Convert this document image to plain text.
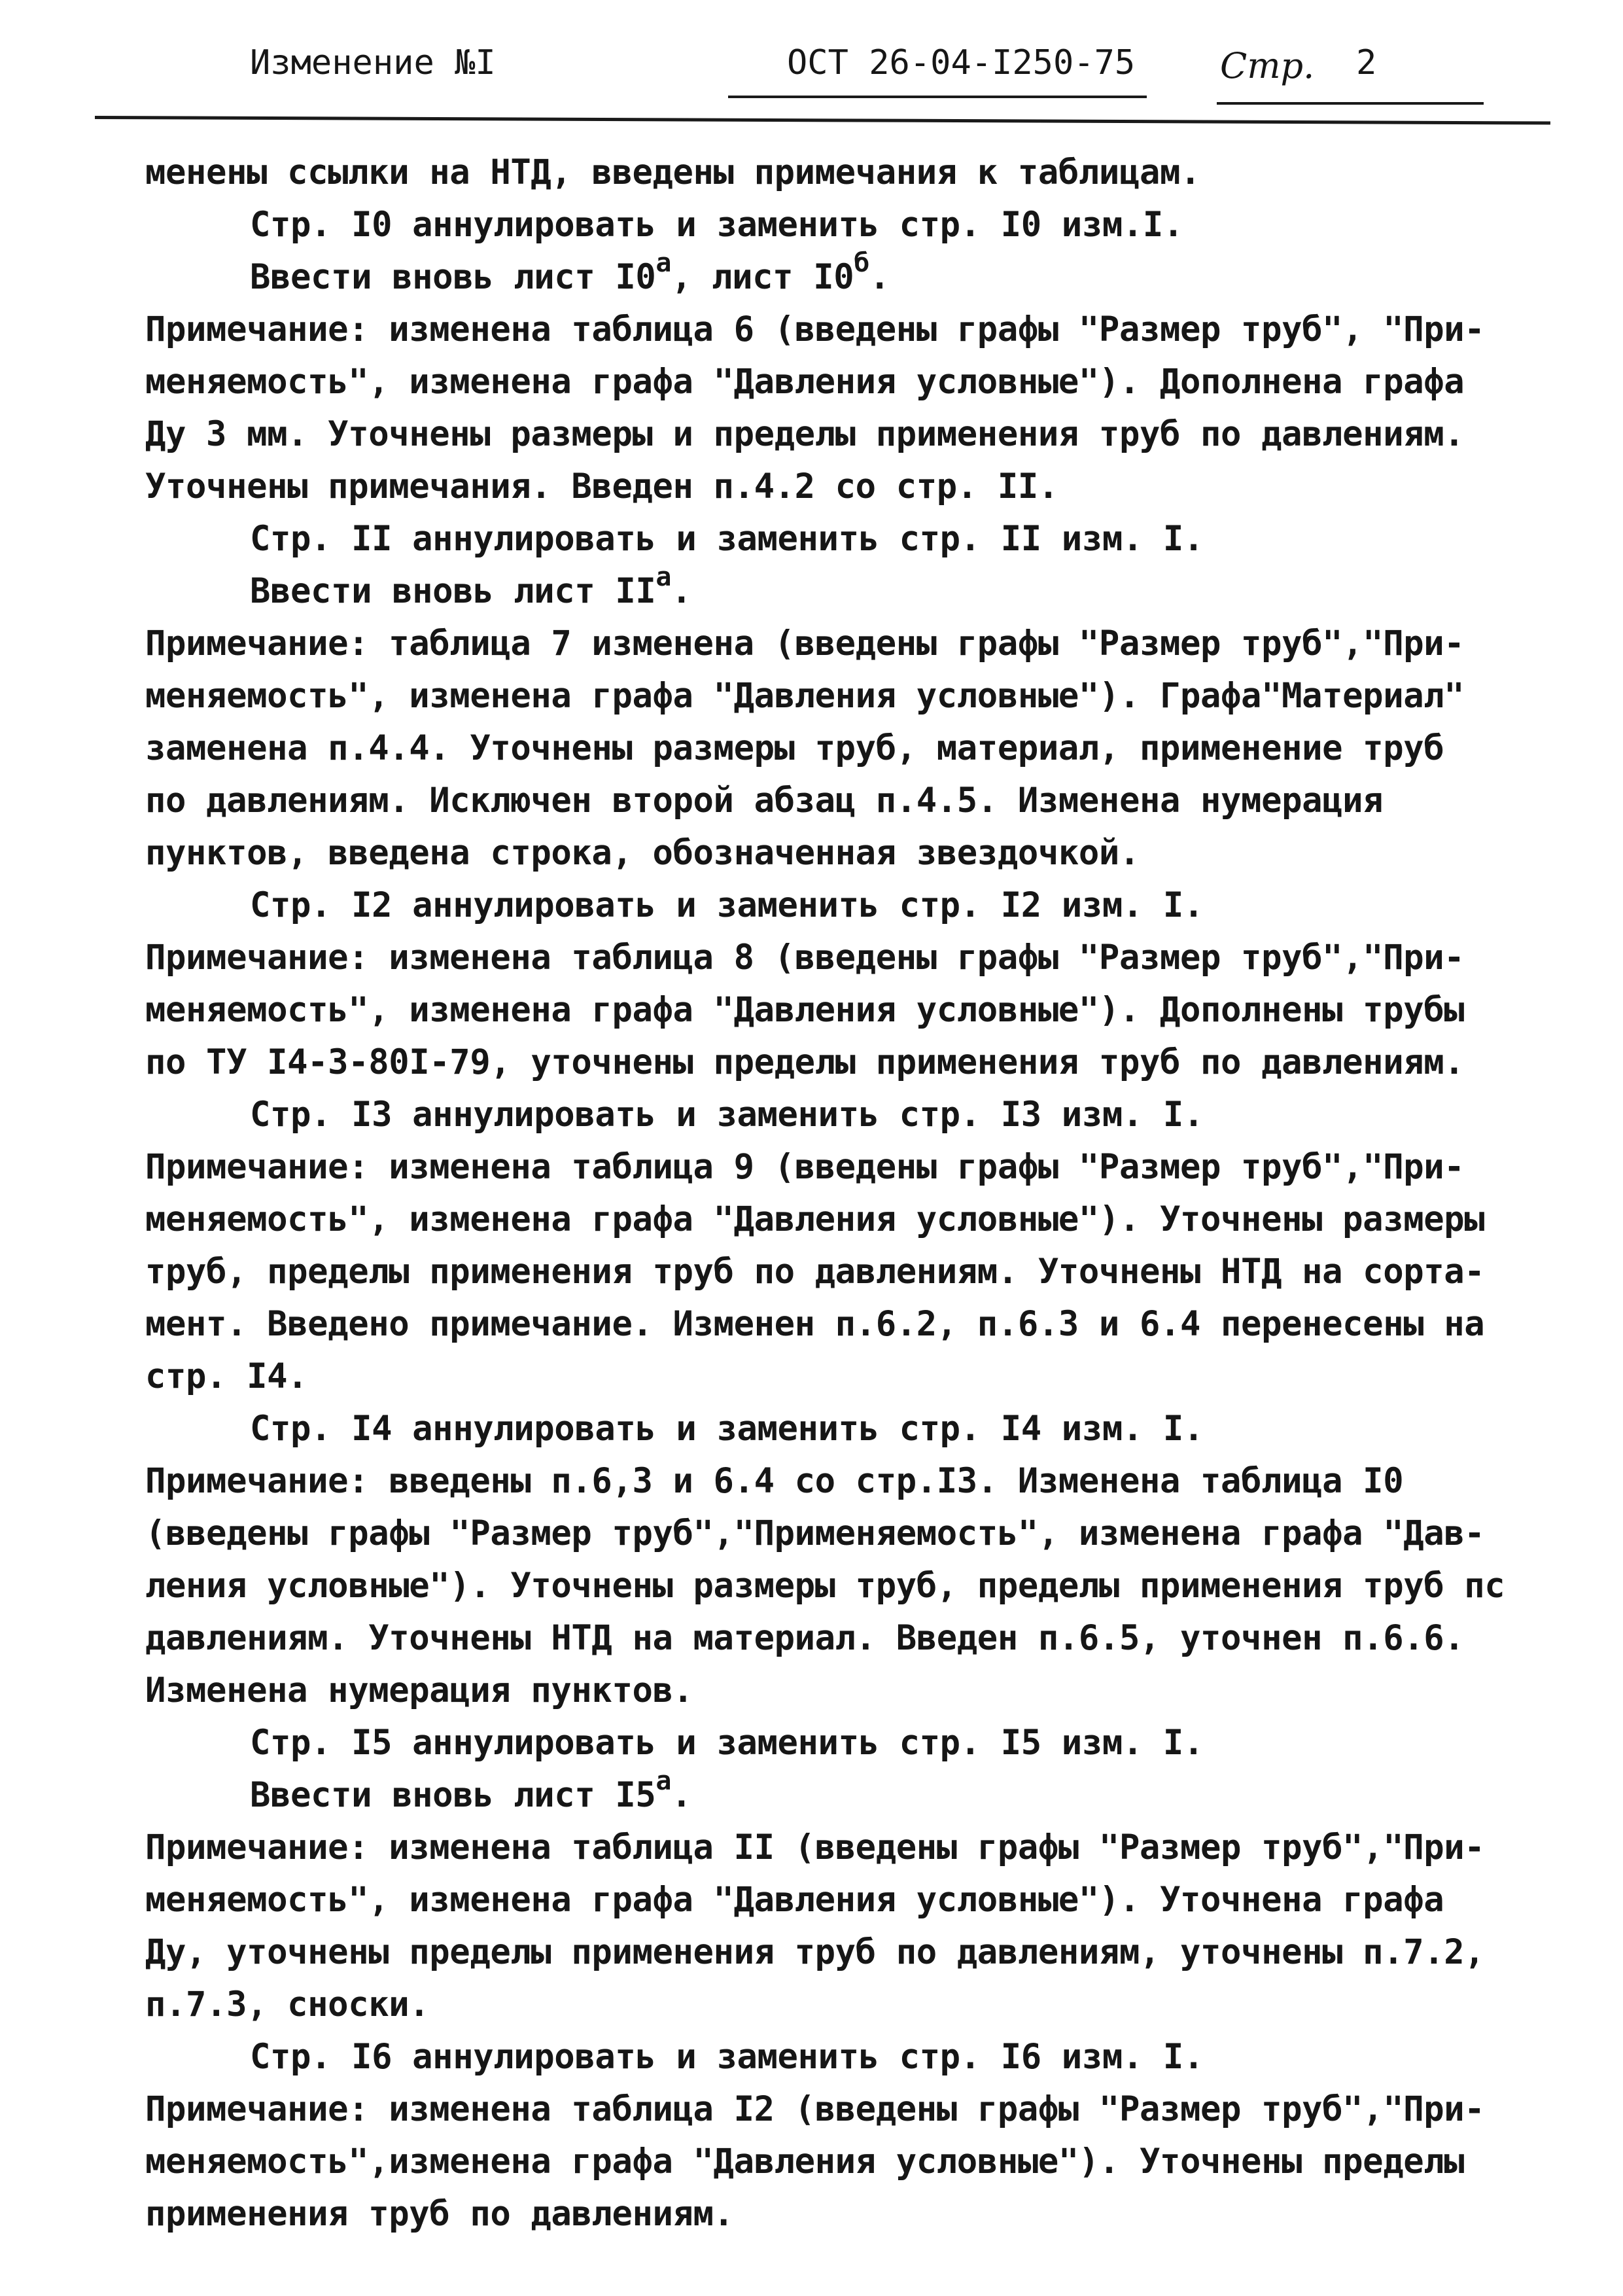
Изменение №I	ОСТ 26-04-I250-75 Стр. 2
менены ссылки на НТД, введены примечания к таблицам.
Стр. I0 аннулировать и заменить стр. I0 изм.I.
Ввести вновь лист I0 а , лист I0 б .
Примечание: изменена таблица 6 (введены графы "Размер труб", "При-
меняемость", изменена графа "Давления условные"). Дополнена графа
Ду 3 мм. Уточнены размеры и пределы применения труб по давлениям.
Уточнены примечания. Введен п.4.2 со стр. II.
Стр. II аннулировать и заменить стр. II изм. I.
Ввести вновь лист II а .
Примечание: таблица 7 изменена (введены графы "Размер труб","При-
меняемость", изменена графа "Давления условные"). Графа"Материал"
заменена п.4.4. Уточнены размеры труб, материал, применение труб
по давлениям. Исключен второй абзац п.4.5. Изменена нумерация
пунктов, введена строка, обозначенная звездочкой.
Стр. I2 аннулировать и заменить стр. I2 изм. I.
Примечание: изменена таблица 8 (введены графы "Размер труб","При-
меняемость", изменена графа "Давления условные"). Дополнены трубы
по ТУ I4-3-80I-79, уточнены пределы применения труб по давлениям.
Стр. I3 аннулировать и заменить стр. I3 изм. I.
Примечание: изменена таблица 9 (введены графы "Размер труб","При-
меняемость", изменена графа "Давления условные"). Уточнены размеры
труб, пределы применения труб по давлениям. Уточнены НТД на сорта-
мент. Введено примечание. Изменен п.6.2, п.6.3 и 6.4 перенесены на
стр. I4.
Стр. I4 аннулировать и заменить стр. I4 изм. I.
Примечание: введены п.6,3 и 6.4 со стр.I3. Изменена таблица I0
(введены графы "Размер труб","Применяемость", изменена графа "Дав-
ления условные"). Уточнены размеры труб, пределы применения труб пс
давлениям. Уточнены НТД на материал. Введен п.6.5, уточнен п.6.6.
Изменена нумерация пунктов.
Стр. I5 аннулировать и заменить стр. I5 изм. I.
Ввести вновь лист I5 а .
Примечание: изменена таблица II (введены графы "Размер труб","При-
меняемость", изменена графа "Давления условные"). Уточнена графа
Ду, уточнены пределы применения труб по давлениям, уточнены п.7.2,
п.7.3, сноски.
Стр. I6 аннулировать и заменить стр. I6 изм. I.
Примечание: изменена таблица I2 (введены графы "Размер труб","При-
меняемость",изменена графа "Давления условные"). Уточнены пределы
применения труб по давлениям.
